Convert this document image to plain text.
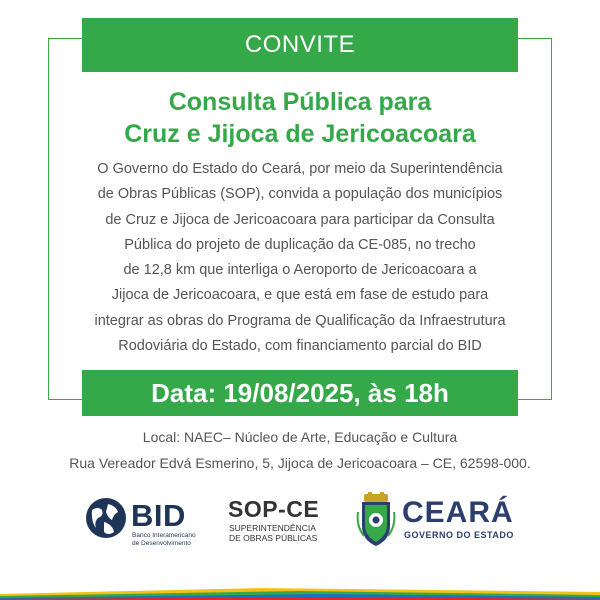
CONVITE
Consulta Pública para
Cruz e Jijoca de Jericoacoara
O Governo do Estado do Ceará, por meio da Superintendência
de Obras Públicas (SOP), convida a população dos municípios
de Cruz e Jijoca de Jericoacoara para participar da Consulta
Pública do projeto de duplicação da CE-085, no trecho
de 12,8 km que interliga o Aeroporto de Jericoacoara a
Jijoca de Jericoacoara, e que está em fase de estudo para
integrar as obras do Programa de Qualificação da Infraestrutura
Rodoviária do Estado, com financiamento parcial do BID
Data: 19/08/2025, às 18h
Local: NAEC– Núcleo de Arte, Educação e Cultura
Rua Vereador Edvá Esmerino, 5, Jijoca de Jericoacoara – CE, 62598-000.
BID
Banco Interamericano
de Desenvolvimento
SOP-CE
SUPERINTENDÊNCIA
DE OBRAS PÚBLICAS
CEARÁ
GOVERNO DO ESTADO
